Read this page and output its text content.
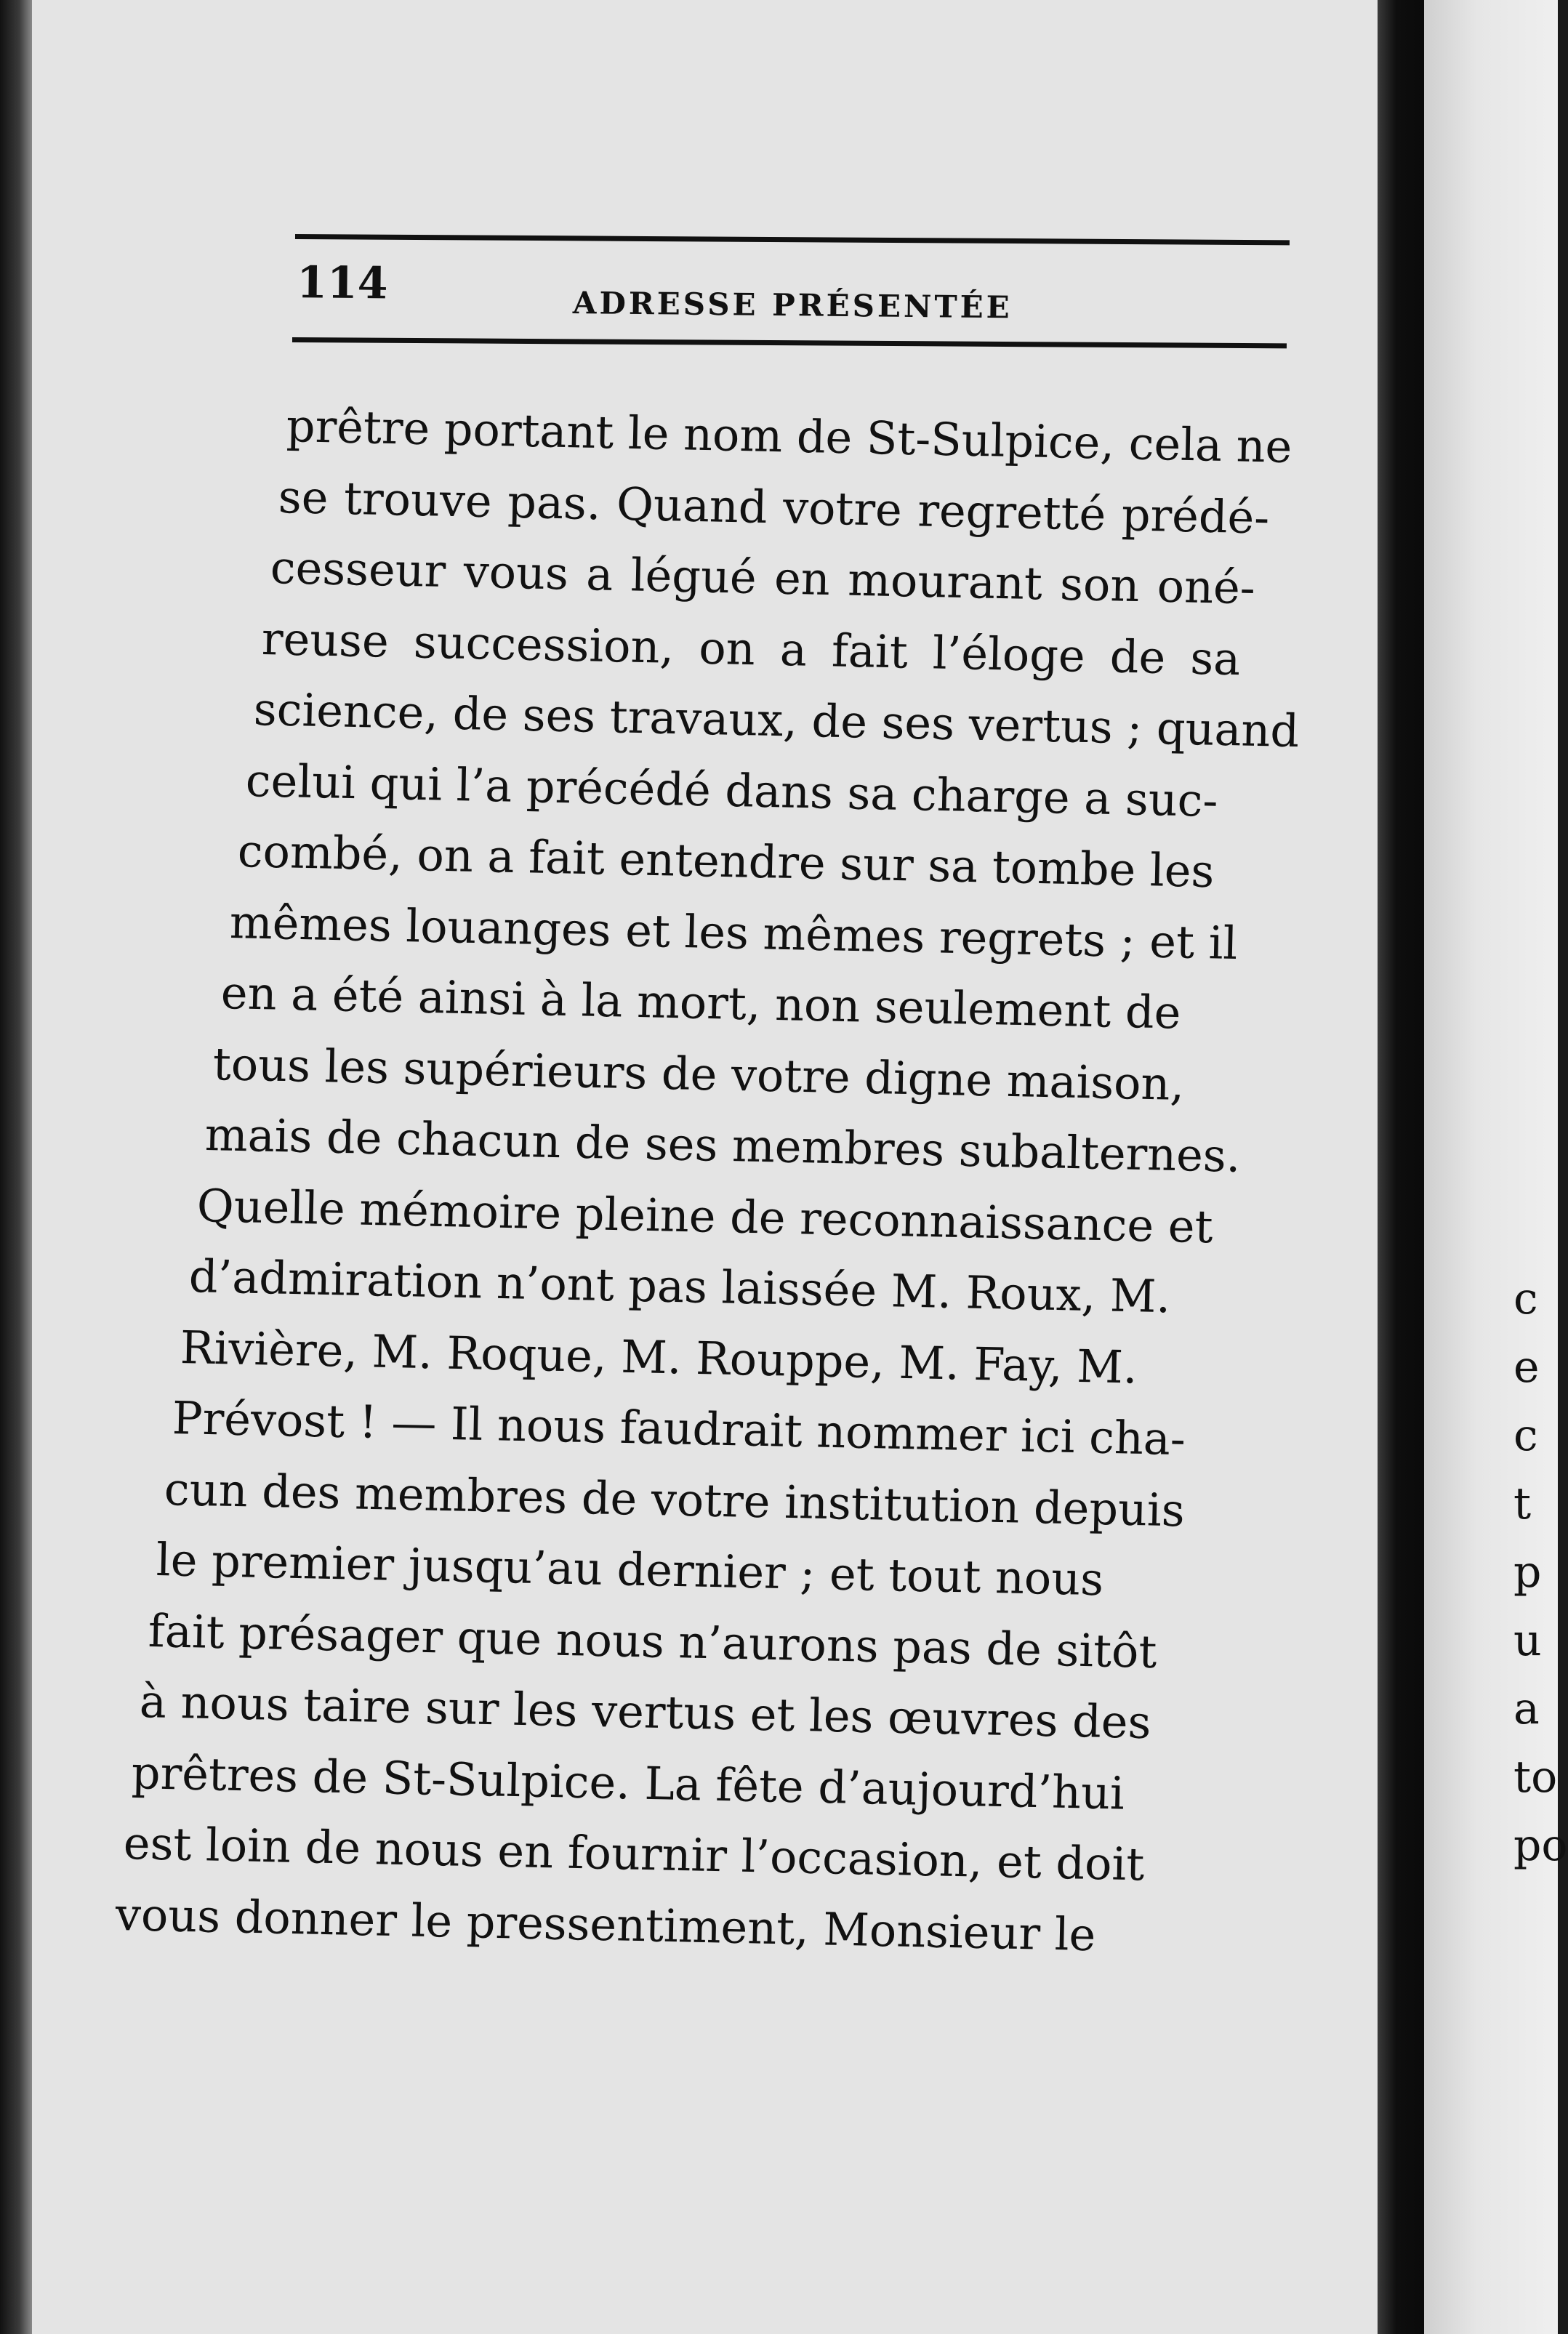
c
e
c
t
p
u
a
to
po
114	ADRESSE PRÉSENTÉE
prêtre portant le nom de St-Sulpice, cela ne
se trouve pas. Quand votre regretté prédé-
cesseur vous a légué en mourant son oné-
reuse succession, on a fait l’éloge de sa
science, de ses travaux, de ses vertus ; quand
celui qui l’a précédé dans sa charge a suc-
combé, on a fait entendre sur sa tombe les
mêmes louanges et les mêmes regrets ; et il
en a été ainsi à la mort, non seulement de
tous les supérieurs de votre digne maison,
mais de chacun de ses membres subalternes.
Quelle mémoire pleine de reconnaissance et
d’admiration n’ont pas laissée M. Roux, M.
Rivière, M. Roque, M. Rouppe, M. Fay, M.
Prévost ! — Il nous faudrait nommer ici cha-
cun des membres de votre institution depuis
le premier jusqu’au dernier ; et tout nous
fait présager que nous n’aurons pas de sitôt
à nous taire sur les vertus et les œuvres des
prêtres de St-Sulpice. La fête d’aujourd’hui
est loin de nous en fournir l’occasion, et doit
vous donner le pressentiment, Monsieur le
